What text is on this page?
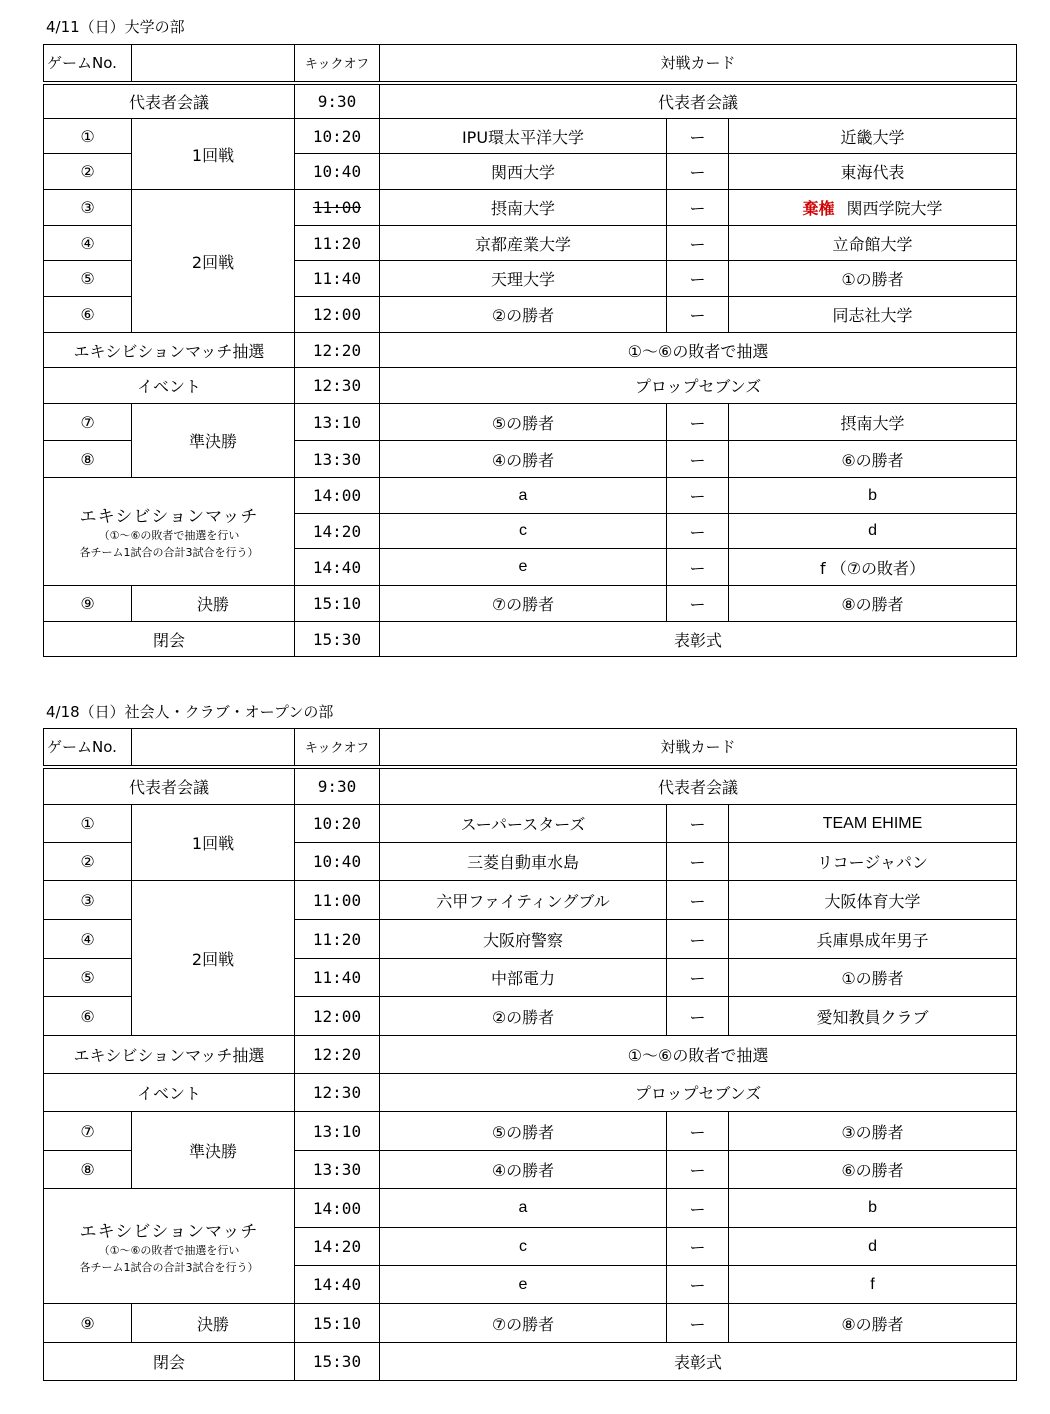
4/11（日）大学の部
ゲームNo.		キックオフ	対戦カード		
代表者会議		9:30	代表者会議		
①	1回戦	10:20	IPU環太平洋大学	ー	近畿大学
②		10:40	関西大学	ー	東海代表
③	2回戦	11:00	摂南大学	ー	棄権 関西学院大学
④		11:20	京都産業大学	ー	立命館大学
⑤		11:40	天理大学	ー	①の勝者
⑥		12:00	②の勝者	ー	同志社大学
エキシビションマッチ抽選		12:20	①～⑥の敗者で抽選		
イベント		12:30	プロップセブンズ		
⑦	準決勝	13:10	⑤の勝者	ー	摂南大学
⑧		13:30	④の勝者	ー	⑥の勝者

エキシビションマッチ
（①～⑥の敗者で抽選を行い
各チーム1試合の合計3試合を行う）		14:00	a	ー	b
		14:20	c	ー	d
		14:40	e	ー	f （⑦の敗者）
⑨	決勝	15:10	⑦の勝者	ー	⑧の勝者
閉会		15:30	表彰式		
4/18（日）社会人・クラブ・オープンの部
ゲームNo.		キックオフ	対戦カード		
代表者会議		9:30	代表者会議		
①	1回戦	10:20	スーパースターズ	ー	TEAM EHIME
②		10:40	三菱自動車水島	ー	リコージャパン
③	2回戦	11:00	六甲ファイティングブル	ー	大阪体育大学
④		11:20	大阪府警察	ー	兵庫県成年男子
⑤		11:40	中部電力	ー	①の勝者
⑥		12:00	②の勝者	ー	愛知教員クラブ
エキシビションマッチ抽選		12:20	①～⑥の敗者で抽選		
イベント		12:30	プロップセブンズ		
⑦	準決勝	13:10	⑤の勝者	ー	③の勝者
⑧		13:30	④の勝者	ー	⑥の勝者

エキシビションマッチ
（①～⑥の敗者で抽選を行い
各チーム1試合の合計3試合を行う）		14:00	a	ー	b
		14:20	c	ー	d
		14:40	e	ー	f
⑨	決勝	15:10	⑦の勝者	ー	⑧の勝者
閉会		15:30	表彰式		
